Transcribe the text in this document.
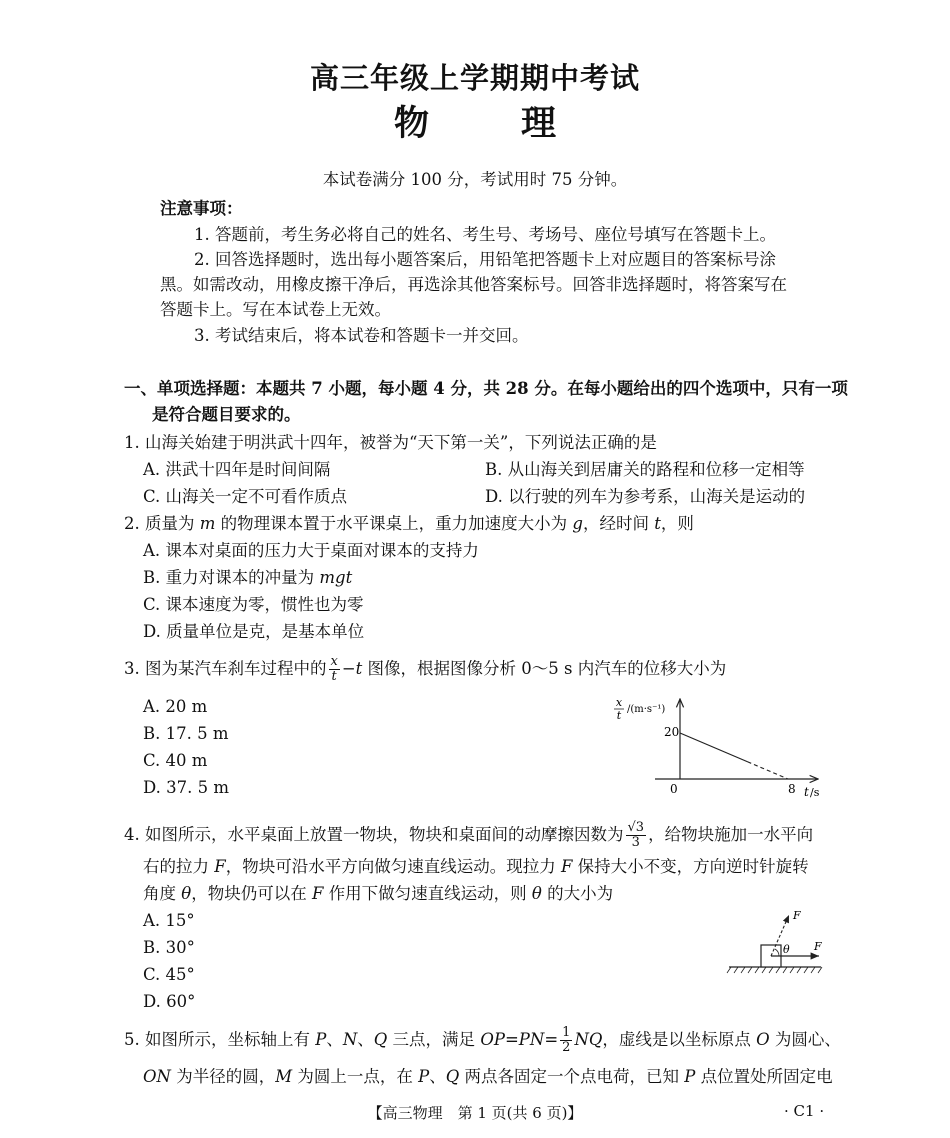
高三年级上学期期中考试
物	理
本试卷满分 100 分，考试用时 75 分钟。
注意事项：
1. 答题前，考生务必将自己的姓名、考生号、考场号、座位号填写在答题卡上。
2. 回答选择题时，选出每小题答案后，用铅笔把答题卡上对应题目的答案标号涂
黑。如需改动，用橡皮擦干净后，再选涂其他答案标号。回答非选择题时，将答案写在
答题卡上。写在本试卷上无效。
3. 考试结束后，将本试卷和答题卡一并交回。
一、单项选择题：本题共 7 小题，每小题 4 分，共 28 分。在每小题给出的四个选项中，只有一项
是符合题目要求的。
1. 山海关始建于明洪武十四年，被誉为“天下第一关”，下列说法正确的是
A. 洪武十四年是时间间隔	B. 从山海关到居庸关的路程和位移一定相等
C. 山海关一定不可看作质点	D. 以行驶的列车为参考系，山海关是运动的
2. 质量为 m 的物理课本置于水平课桌上，重力加速度大小为 g，经时间 t，则
A. 课本对桌面的压力大于桌面对课本的支持力
B. 重力对课本的冲量为 mgt
C. 课本速度为零，惯性也为零
D. 质量单位是克，是基本单位
3. 图为某汽车刹车过程中的 $\frac{x}{t} -t$ 图像，根据图像分析 0～5 s 内汽车的位移大小为
A. 20 m
B. 17. 5 m
C. 40 m
D. 37. 5 m
x
t /(m·s⁻¹)
20
0	8 t /s
4. 如图所示，水平桌面上放置一物块，物块和桌面间的动摩擦因数为 $\frac{√3}{3}$ ，给物块施加一水平向
右的拉力 F，物块可沿水平方向做匀速直线运动。现拉力 F 保持大小不变，方向逆时针旋转
角度 θ，物块仍可以在 F 作用下做匀速直线运动，则 θ 的大小为
A. 15°
B. 30°
C. 45°
D. 60°
F
F
θ
5. 如图所示，坐标轴上有 P、N、Q 三点，满足 $OP=PN= \frac{1}{2}$ NQ，虚线是以坐标原点 O 为圆心、
ON 为半径的圆，M 为圆上一点，在 P、Q 两点各固定一个点电荷，已知 P 点位置处所固定电
【高三物理　第 1 页(共 6 页)】	· C1 ·
